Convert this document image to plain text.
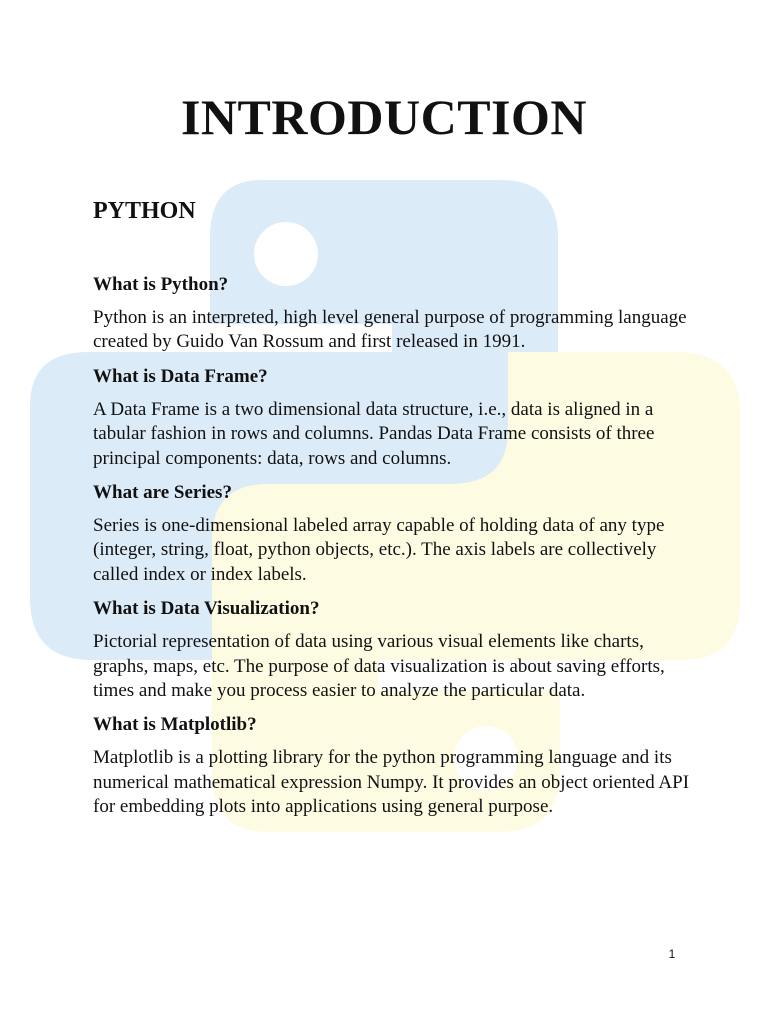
INTRODUCTION
PYTHON
What is Python?

Python is an interpreted, high level general purpose of programming language created by Guido Van Rossum and first released in 1991.

What is Data Frame?

A Data Frame is a two dimensional data structure, i.e., data is aligned in a tabular fashion in rows and columns. Pandas Data Frame consists of three principal components: data, rows and columns.

What are Series?

Series is one-dimensional labeled array capable of holding data of any type (integer, string, float, python objects, etc.). The axis labels are collectively called index or index labels.

What is Data Visualization?

Pictorial representation of data using various visual elements like charts, graphs, maps, etc. The purpose of data visualization is about saving efforts, times and make you process easier to analyze the particular data.

What is Matplotlib?

Matplotlib is a plotting library for the python programming language and its numerical mathematical expression Numpy. It provides an object oriented API for embedding plots into applications using general purpose.

1
